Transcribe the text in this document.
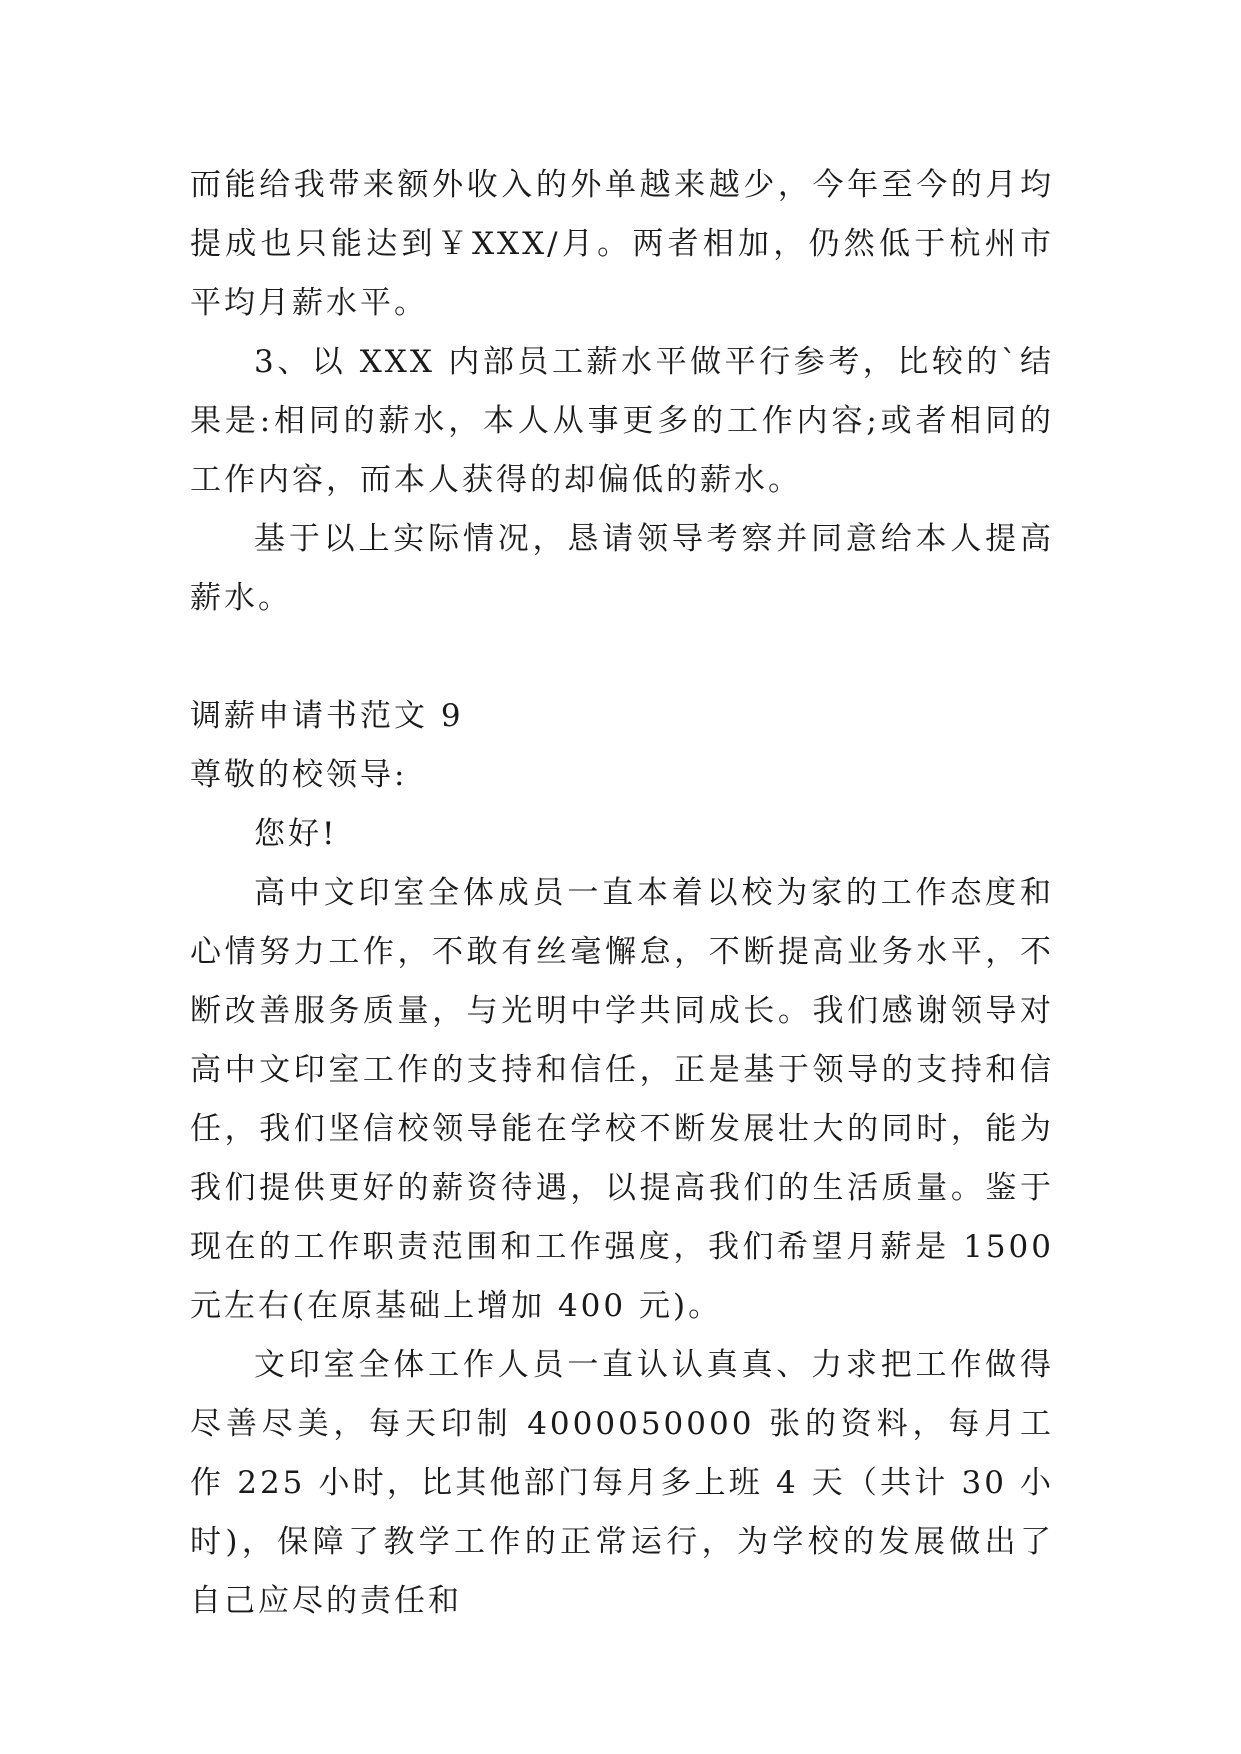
而能给我带来额外收入的外单越来越少，今年至今的月均提成也只能达到￥XXX/月。两者相加，仍然低于杭州市平均月薪水平。

3、以 XXX 内部员工薪水平做平行参考，比较的`结果是:相同的薪水，本人从事更多的工作内容;或者相同的工作内容，而本人获得的却偏低的薪水。

基于以上实际情况，恳请领导考察并同意给本人提高薪水。

调薪申请书范文 9

尊敬的校领导:

您好!

高中文印室全体成员一直本着以校为家的工作态度和心情努力工作，不敢有丝毫懈怠，不断提高业务水平，不断改善服务质量，与光明中学共同成长。我们感谢领导对高中文印室工作的支持和信任，正是基于领导的支持和信任，我们坚信校领导能在学校不断发展壮大的同时，能为我们提供更好的薪资待遇，以提高我们的生活质量。鉴于现在的工作职责范围和工作强度，我们希望月薪是 1500 元左右(在原基础上增加 400 元)。

文印室全体工作人员一直认认真真、力求把工作做得尽善尽美，每天印制 4000050000 张的资料，每月工作 225 小时，比其他部门每月多上班 4 天（共计 30 小时)，保障了教学工作的正常运行，为学校的发展做出了自己应尽的责任和
